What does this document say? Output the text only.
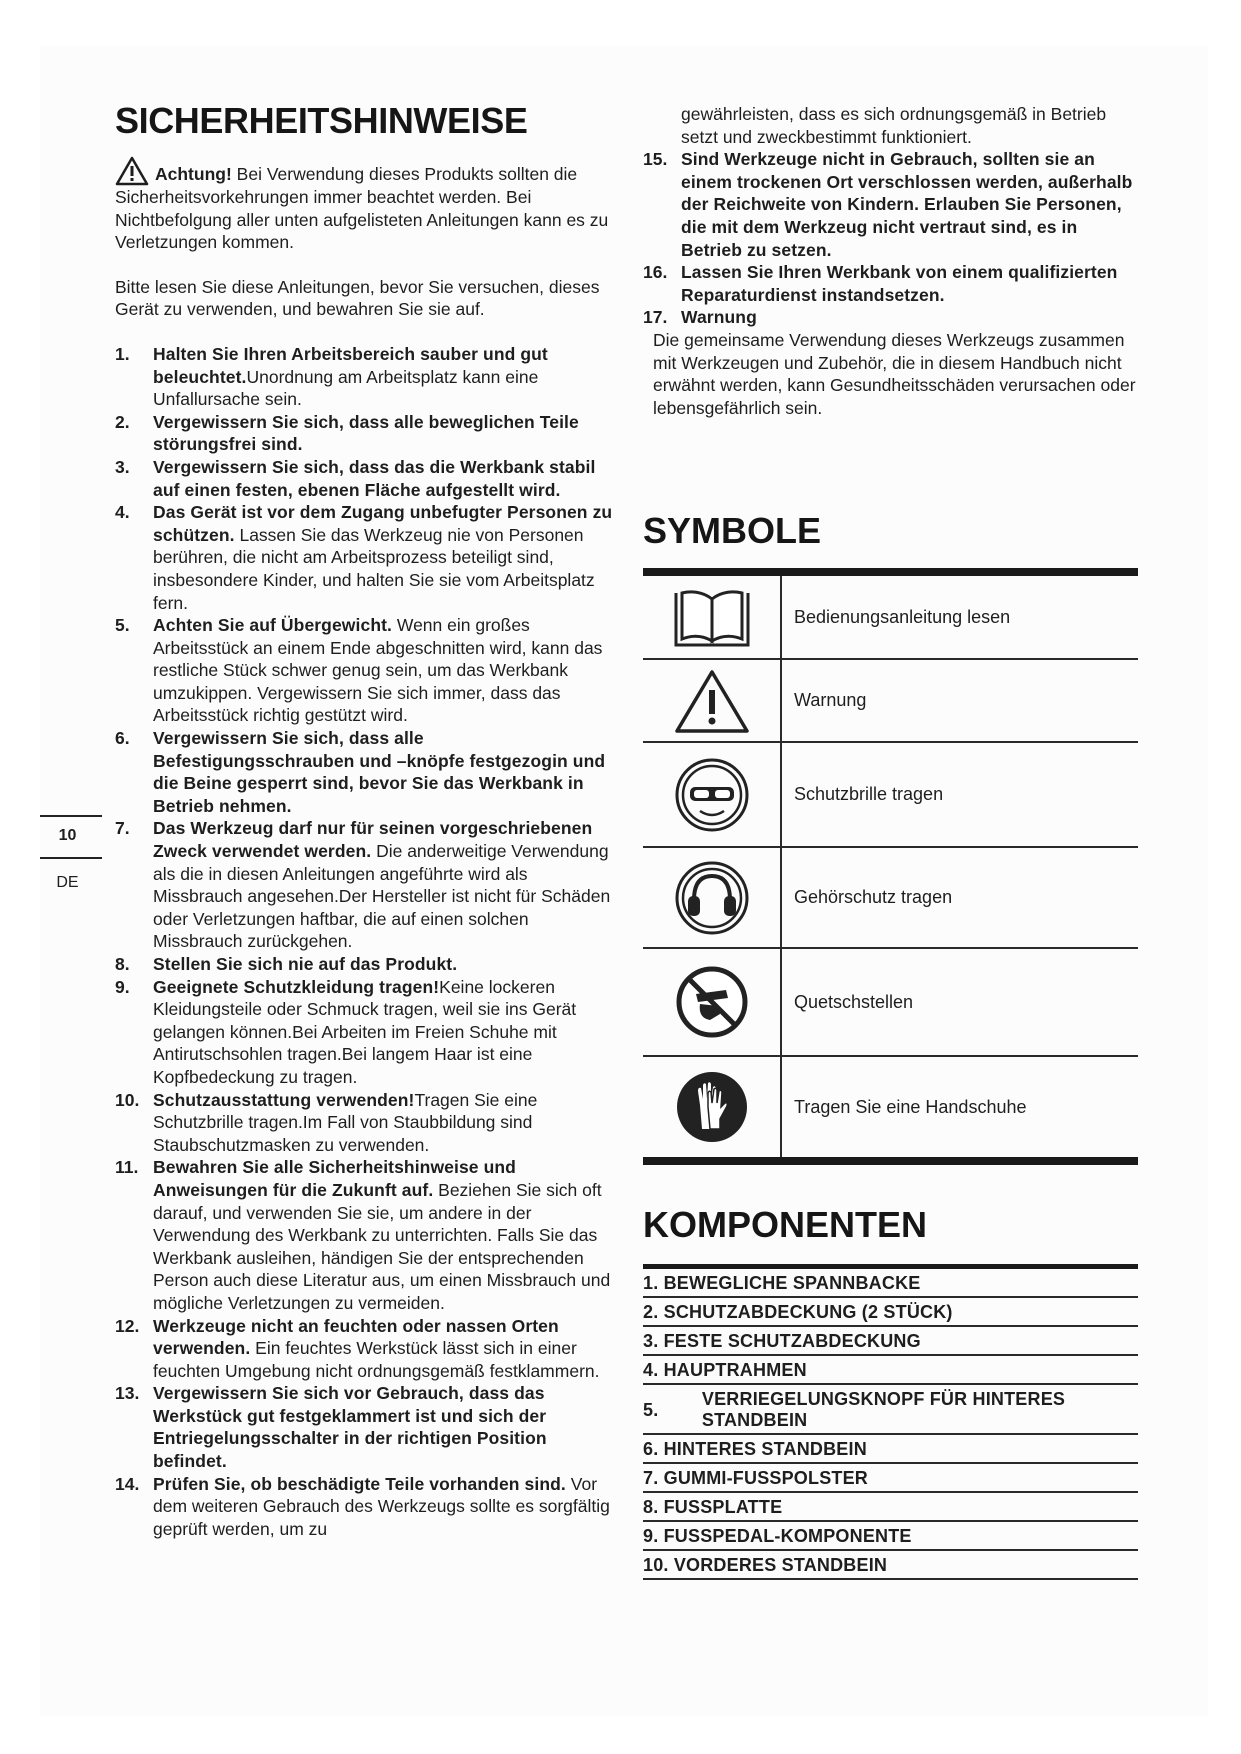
10
DE
SICHERHEITSHINWEISE

Achtung! Bei Verwendung dieses Produkts sollten die Sicherheitsvorkehrungen immer beachtet werden. Bei Nichtbefolgung aller unten aufgelisteten Anleitungen kann es zu Verletzungen kommen.

Bitte lesen Sie diese Anleitungen, bevor Sie versuchen, dieses Gerät zu verwenden, und bewahren Sie sie auf.

1. Halten Sie Ihren Arbeitsbereich sauber und gut beleuchtet.Unordnung am Arbeitsplatz kann eine Unfallursache sein.
2. Vergewissern Sie sich, dass alle beweglichen Teile störungsfrei sind.
3. Vergewissern Sie sich, dass das die Werkbank stabil auf einen festen, ebenen Fläche aufgestellt wird.
4. Das Gerät ist vor dem Zugang unbefugter Personen zu schützen. Lassen Sie das Werkzeug nie von Personen berühren, die nicht am Arbeitsprozess beteiligt sind, insbesondere Kinder, und halten Sie sie vom Arbeitsplatz fern.
5. Achten Sie auf Übergewicht. Wenn ein großes Arbeitsstück an einem Ende abgeschnitten wird, kann das restliche Stück schwer genug sein, um das Werkbank umzukippen. Vergewissern Sie sich immer, dass das Arbeitsstück richtig gestützt wird.
6. Vergewissern Sie sich, dass alle Befestigungsschrauben und –knöpfe festgezogin und die Beine gesperrt sind, bevor Sie das Werkbank in Betrieb nehmen.
7. Das Werkzeug darf nur für seinen vorgeschriebenen Zweck verwendet werden. Die anderweitige Verwendung als die in diesen Anleitungen angeführte wird als Missbrauch angesehen.Der Hersteller ist nicht für Schäden oder Verletzungen haftbar, die auf einen solchen Missbrauch zurückgehen.
8. Stellen Sie sich nie auf das Produkt.
9. Geeignete Schutzkleidung tragen!Keine lockeren Kleidungsteile oder Schmuck tragen, weil sie ins Gerät gelangen können.Bei Arbeiten im Freien Schuhe mit Antirutschsohlen tragen.Bei langem Haar ist eine Kopfbedeckung zu tragen.
10. Schutzausstattung verwenden!Tragen Sie eine Schutzbrille tragen.Im Fall von Staubbildung sind Staubschutzmasken zu verwenden.
11. Bewahren Sie alle Sicherheitshinweise und Anweisungen für die Zukunft auf. Beziehen Sie sich oft darauf, und verwenden Sie sie, um andere in der Verwendung des Werkbank zu unterrichten. Falls Sie das Werkbank ausleihen, händigen Sie der entsprechenden Person auch diese Literatur aus, um einen Missbrauch und mögliche Verletzungen zu vermeiden.
12. Werkzeuge nicht an feuchten oder nassen Orten verwenden. Ein feuchtes Werkstück lässt sich in einer feuchten Umgebung nicht ordnungsgemäß festklammern.
13. Vergewissern Sie sich vor Gebrauch, dass das Werkstück gut festgeklammert ist und sich der Entriegelungsschalter in der richtigen Position befindet.
14. Prüfen Sie, ob beschädigte Teile vorhanden sind. Vor dem weiteren Gebrauch des Werkzeugs sollte es sorgfältig geprüft werden, um zu
gewährleisten, dass es sich ordnungsgemäß in Betrieb setzt und zweckbestimmt funktioniert.
15. Sind Werkzeuge nicht in Gebrauch, sollten sie an einem trockenen Ort verschlossen werden, außerhalb der Reichweite von Kindern. Erlauben Sie Personen, die mit dem Werkzeug nicht vertraut sind, es in Betrieb zu setzen.
16. Lassen Sie Ihren Werkbank von einem qualifizierten Reparaturdienst instandsetzen.
17. Warnung
Die gemeinsame Verwendung dieses Werkzeugs zusammen mit Werkzeugen und Zubehör, die in diesem Handbuch nicht erwähnt werden, kann Gesundheitsschäden verursachen oder lebensgefährlich sein.
SYMBOLE
Bedienungsanleitung lesen
Warnung
Schutzbrille tragen
Gehörschutz tragen
Quetschstellen
Tragen Sie eine Handschuhe
KOMPONENTEN
1. BEWEGLICHE SPANNBACKE
2. SCHUTZABDECKUNG (2 STÜCK)
3. FESTE SCHUTZABDECKUNG
4. HAUPTRAHMEN
5.
VERRIEGELUNGSKNOPF FÜR HINTERES STANDBEIN
6. HINTERES STANDBEIN
7. GUMMI-FUSSPOLSTER
8. FUSSPLATTE
9. FUSSPEDAL-KOMPONENTE
10. VORDERES STANDBEIN
